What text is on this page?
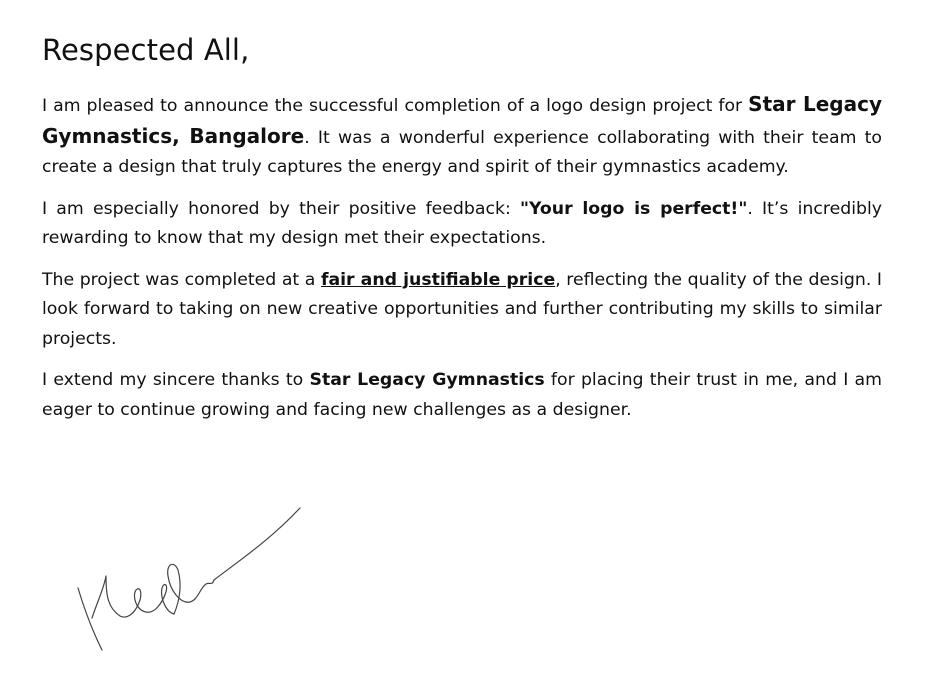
Respected All,

I am pleased to announce the successful completion of a logo design project for Star Legacy Gymnastics, Bangalore. It was a wonderful experience collaborating with their team to create a design that truly captures the energy and spirit of their gymnastics academy.

I am especially honored by their positive feedback: "Your logo is perfect!". It’s incredibly rewarding to know that my design met their expectations.

The project was completed at a fair and justifiable price, reflecting the quality of the design. I look forward to taking on new creative opportunities and further contributing my skills to similar projects.

I extend my sincere thanks to Star Legacy Gymnastics for placing their trust in me, and I am eager to continue growing and facing new challenges as a designer.
